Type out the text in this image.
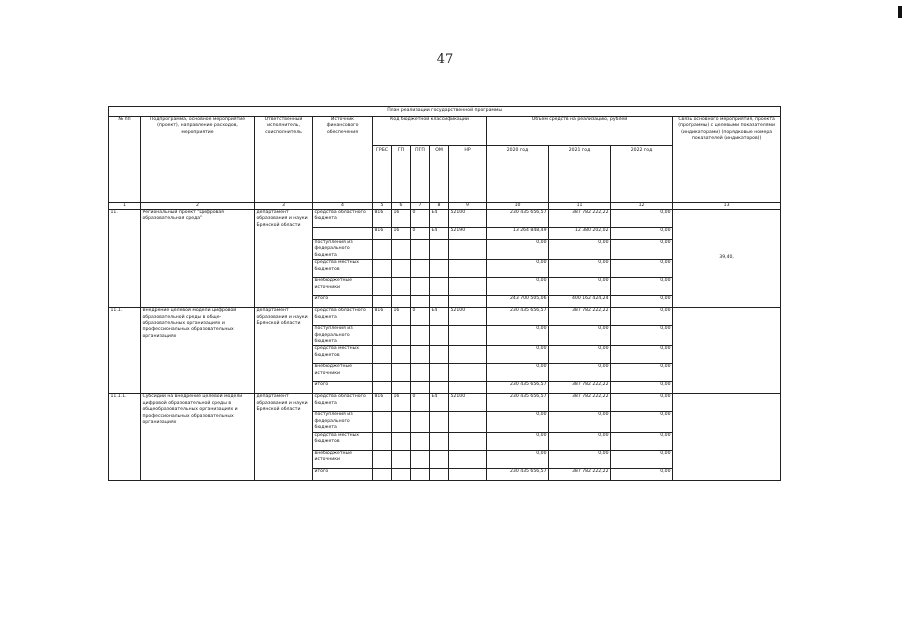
47
План реализации государственной программы												
№ пп	Подпрограмма, основное мероприятие (проект), направление расходов, мероприятие	Ответственный исполнитель, соисполнитель	Источник финансового обеспечения	Код бюджетной классификации					Объем средств на реализацию, рублей			Связь основного мероприятия, проекта (программы) с целевыми показателями (индикаторами) (порядковые номера показателей (индикаторов))
				ГРБС	ГП	ПГП	ОМ	НР	2020 год	2021 год	2022 год	
1	2	3	4	5	6	7	8	9	10	11	12	13
11.	Региональный проект "Цифровая образовательная среда"	департамент образования и науки Брянской области	средства областного бюджета	816	16	0	E4	52100	230 435 656,57	387 782 222,22	0,00	39,40,
				816	16	0	E4	52190	13 264 848,49	12 380 202,02	0,00	
			поступления из федерального бюджета						0,00	0,00	0,00	
			средства местных бюджетов						0,00	0,00	0,00	
			внебюджетные источники						0,00	0,00	0,00	
			итого						243 700 505,06	400 162 424,24	0,00	
11.1.	Внедрение целевой модели цифровой образовательной среды в обще-образовательных организациях и профессиональных образовательных организациях	департамент образования и науки Брянской области	средства областного бюджета	816	16	0	E4	52100	230 435 656,57	387 782 222,22	0,00	
			поступления из федерального бюджета						0,00	0,00	0,00	
			средства местных бюджетов						0,00	0,00	0,00	
			внебюджетные источники						0,00	0,00	0,00	
			итого						230 435 656,57	387 782 222,22	0,00	
11.1.1.	Субсидии на внедрение целевой модели цифровой образовательной среды в общеобразовательных организациях и профессиональных образовательных организациях	департамент образования и науки Брянской области	средства областного бюджета	816	16	0	E4	52100	230 435 656,57	387 782 222,22	0,00	
			поступления из федерального бюджета						0,00	0,00	0,00	
			средства местных бюджетов						0,00	0,00	0,00	
			внебюджетные источники						0,00	0,00	0,00	
			итого						230 435 656,57	387 782 222,22	0,00	
